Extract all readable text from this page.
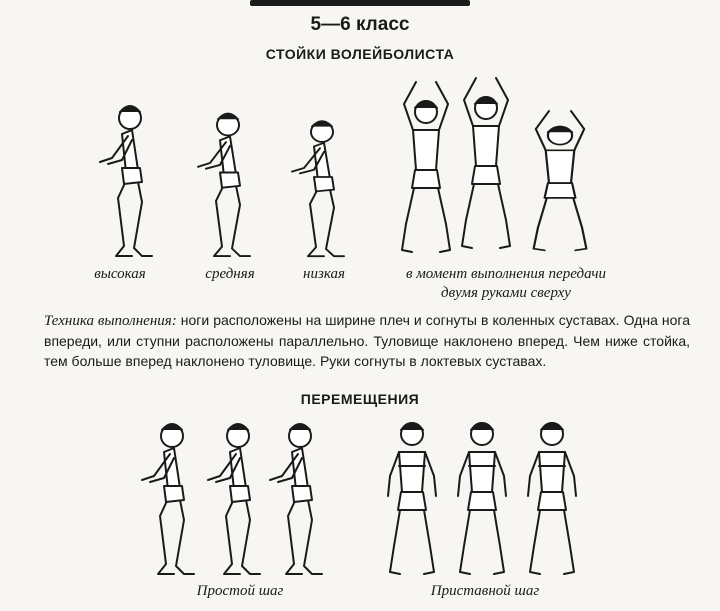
5—6 класс
СТОЙКИ ВОЛЕЙБОЛИСТА
высокая	средняя	низкая	в момент выполнения передачи
двумя руками сверху
Техника выполнения: ноги расположены на ширине плеч и согнуты в коленных суставах. Одна нога впереди, или ступни расположены параллельно. Туловище наклонено вперед. Чем ниже стойка, тем больше вперед наклонено туловище. Руки согнуты в локтевых суставах.
ПЕРЕМЕЩЕНИЯ
Простой шаг	Приставной шаг
